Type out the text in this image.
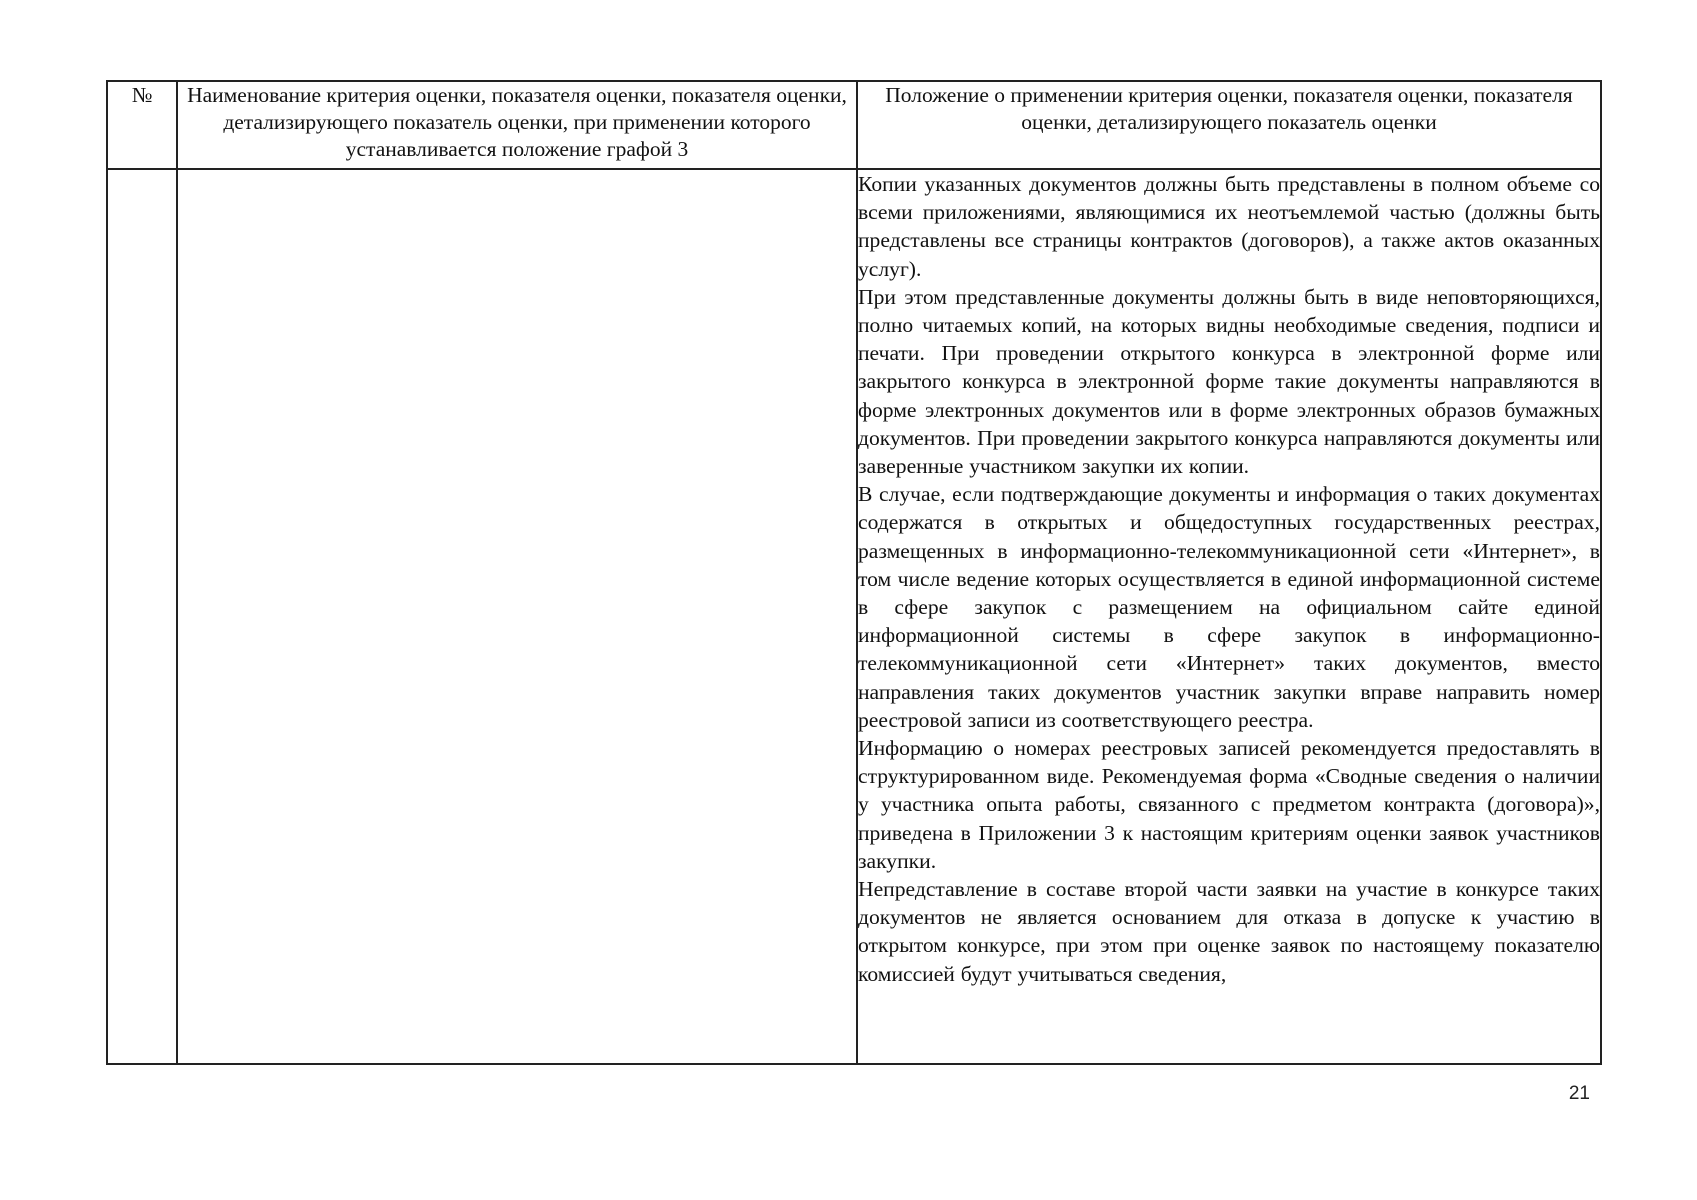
№	Наименование критерия оценки, показателя оценки, показателя оценки, детализирующего показатель оценки, при применении которого устанавливается положение графой 3	Положение о применении критерия оценки, показателя оценки, показателя оценки, детализирующего показатель оценки

		Копии указанных документов должны быть представлены в полном объеме со всеми приложениями, являющимися их неотъемлемой частью (должны быть представлены все страницы контрактов (договоров), а также актов оказанных услуг).

При этом представленные документы должны быть в виде неповторяющихся, полно читаемых копий, на которых видны необходимые сведения, подписи и печати. При проведении открытого конкурса в электронной форме или закрытого конкурса в электронной форме такие документы направляются в форме электронных документов или в форме электронных образов бумажных документов. При проведении закрытого конкурса направляются документы или заверенные участником закупки их копии.

В случае, если подтверждающие документы и информация о таких документах содержатся в открытых и общедоступных государственных реестрах, размещенных в информационно-телекоммуникационной сети «Интернет», в том числе ведение которых осуществляется в единой информационной системе в сфере закупок с размещением на официальном сайте единой информационной системы в сфере закупок в информационно-телекоммуникационной сети «Интернет» таких документов, вместо направления таких документов участник закупки вправе направить номер реестровой записи из соответствующего реестра.

Информацию о номерах реестровых записей рекомендуется предоставлять в структурированном виде. Рекомендуемая форма «Сводные сведения о наличии у участника опыта работы, связанного с предметом контракта (договора)», приведена в Приложении 3 к настоящим критериям оценки заявок участников закупки.

Непредставление в составе второй части заявки на участие в конкурсе таких документов не является основанием для отказа в допуске к участию в открытом конкурсе, при этом при оценке заявок по настоящему показателю комиссией будут учитываться сведения,

21
